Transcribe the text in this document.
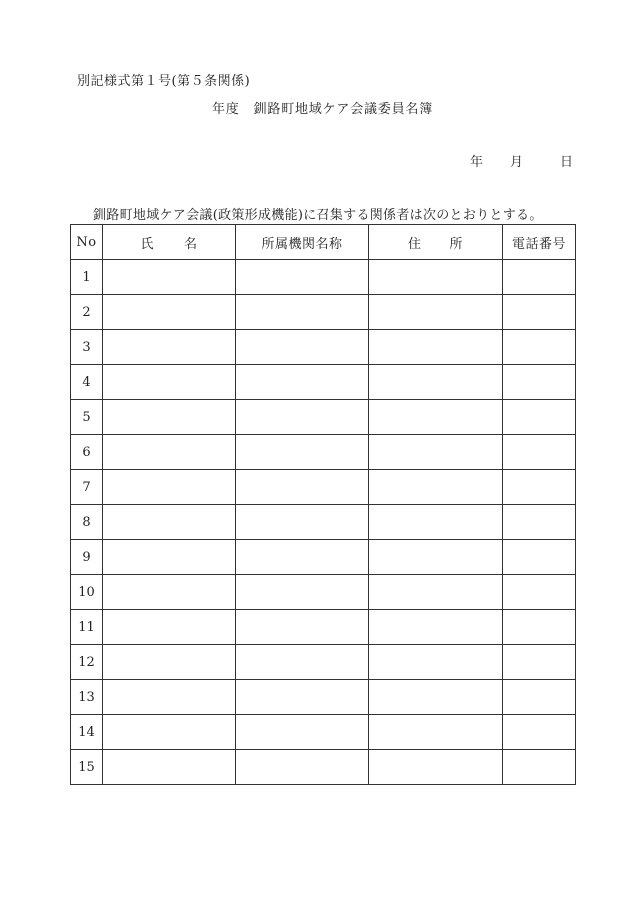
別記様式第１号(第５条関係)
年度 釧路町地域ケア会議委員名簿
年 月	日
釧路町地域ケア会議(政策形成機能)に召集する関係者は次のとおりとする。
No	氏 名	所属機関名称	住 所	電話番号
1				
2				
3				
4				
5				
6				
7				
8				
9				
10				
11				
12				
13				
14				
15				
